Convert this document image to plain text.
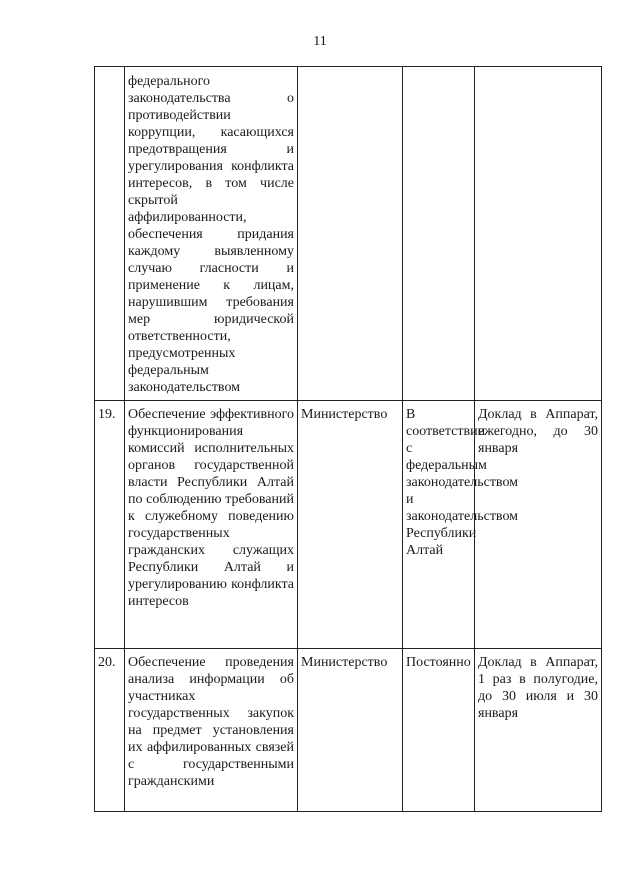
11
	федерального законодательства о противодействии коррупции, касающихся предотвращения и урегулирования конфликта интересов, в том числе скрытой аффилированности, обеспечения придания каждому выявленному случаю гласности и применение к лицам, нарушившим требования мер юридической ответственности, предусмотренных федеральным законодательством			
19.	Обеспечение эффективного функционирования комиссий исполнительных органов государственной власти Республики Алтай по соблюдению требований к служебному поведению государственных гражданских служащих Республики Алтай и урегулированию конфликта интересов	Министерство	В соответствии с федеральным законодательством и законодательством Республики Алтай	Доклад в Аппарат, ежегодно, до 30 января
20.	Обеспечение проведения анализа информации об участниках государственных закупок на предмет установления их аффилированных связей с государственными гражданскими	Министерство	Постоянно	Доклад в Аппарат, 1 раз в полугодие, до 30 июля и 30 января
